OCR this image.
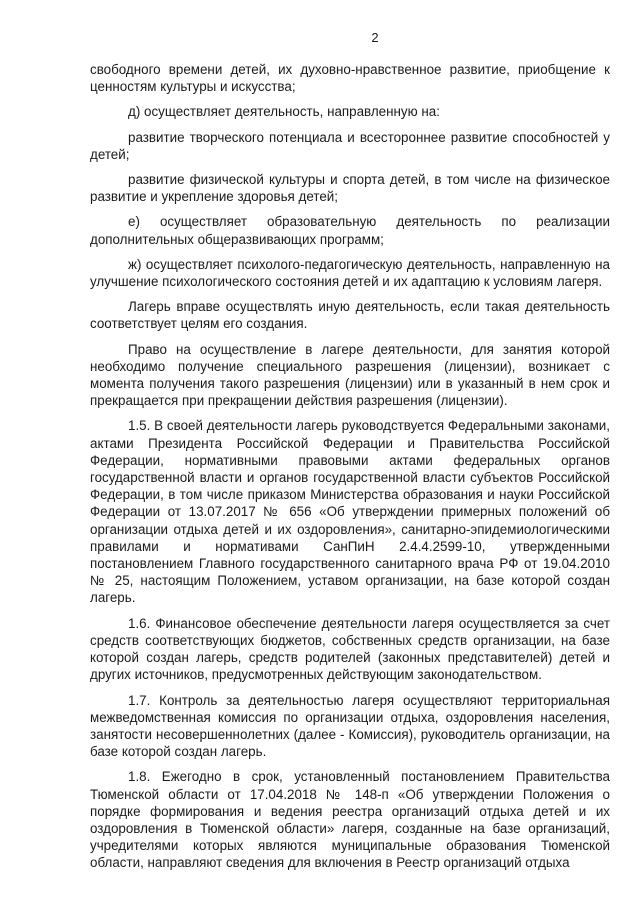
2

свободного времени детей, их духовно-нравственное развитие, приобщение к ценностям культуры и искусства;

д) осуществляет деятельность, направленную на:

развитие творческого потенциала и всестороннее развитие способностей у детей;

развитие физической культуры и спорта детей, в том числе на физическое развитие и укрепление здоровья детей;

е) осуществляет образовательную деятельность по реализации дополнительных общеразвивающих программ;

ж) осуществляет психолого-педагогическую деятельность, направленную на улучшение психологического состояния детей и их адаптацию к условиям лагеря.

Лагерь вправе осуществлять иную деятельность, если такая деятельность соответствует целям его создания.

Право на осуществление в лагере деятельности, для занятия которой необходимо получение специального разрешения (лицензии), возникает с момента получения такого разрешения (лицензии) или в указанный в нем срок и прекращается при прекращении действия разрешения (лицензии).

1.5. В своей деятельности лагерь руководствуется Федеральными законами, актами Президента Российской Федерации и Правительства Российской Федерации, нормативными правовыми актами федеральных органов государственной власти и органов государственной власти субъектов Российской Федерации, в том числе приказом Министерства образования и науки Российской Федерации от 13.07.2017 № 656 «Об утверждении примерных положений об организации отдыха детей и их оздоровления», санитарно-эпидемиологическими правилами и нормативами СанПиН 2.4.4.2599-10, утвержденными постановлением Главного государственного санитарного врача РФ от 19.04.2010 № 25, настоящим Положением, уставом организации, на базе которой создан лагерь.

1.6. Финансовое обеспечение деятельности лагеря осуществляется за счет средств соответствующих бюджетов, собственных средств организации, на базе которой создан лагерь, средств родителей (законных представителей) детей и других источников, предусмотренных действующим законодательством.

1.7. Контроль за деятельностью лагеря осуществляют территориальная межведомственная комиссия по организации отдыха, оздоровления населения, занятости несовершеннолетних (далее - Комиссия), руководитель организации, на базе которой создан лагерь.

1.8. Ежегодно в срок, установленный постановлением Правительства Тюменской области от 17.04.2018 № 148-п «Об утверждении Положения о порядке формирования и ведения реестра организаций отдыха детей и их оздоровления в Тюменской области» лагеря, созданные на базе организаций, учредителями которых являются муниципальные образования Тюменской области, направляют сведения для включения в Реестр организаций отдыха
